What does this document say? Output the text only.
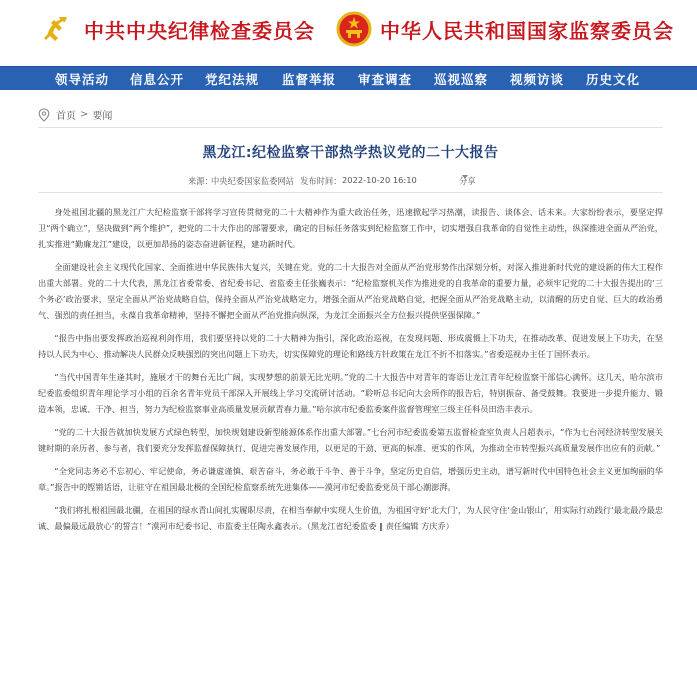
中共中央纪律检查委员会	中华人民共和国国家监察委员会
领导活动 信息公开 党纪法规 监督举报 审查调查 巡视巡察 视频访谈 历史文化
首页 > 要闻
黑龙江:纪检监察干部热学热议党的二十大报告
来源：
中央纪委国家监委网站 发布时间： 2022-10-20 16:10	分享

身处祖国北疆的黑龙江广大纪检监察干部将学习宣传贯彻党的二十大精神作为重大政治任务，迅速掀起学习热潮，读报告、谈体会、话未来。大家纷纷表示，要坚定捍卫“两个确立”，坚决做到“两个维护”，把党的二十大作出的部署要求，确定的目标任务落实到纪检监察工作中，切实增强自我革命的自觉性主动性，纵深推进全面从严治党，扎实推进“勤廉龙江”建设，以更加昂扬的姿态奋进新征程，建功新时代。

全面建设社会主义现代化国家、全面推进中华民族伟大复兴，关键在党。党的二十大报告对全面从严治党形势作出深刻分析，对深入推进新时代党的建设新的伟大工程作出重大部署。党的二十大代表，黑龙江省委常委、省纪委书记、省监委主任张巍表示：“纪检监察机关作为推进党的自我革命的重要力量，必须牢记党的二十大报告提出的‘三个务必’政治要求，坚定全面从严治党战略自信，保持全面从严治党战略定力，增强全面从严治党战略自觉，把握全面从严治党战略主动，以清醒的历史自觉、巨大的政治勇气、强烈的责任担当，永葆自我革命精神，坚持不懈把全面从严治党推向纵深，为龙江全面振兴全方位振兴提供坚强保障。”

“报告中指出要发挥政治巡视利剑作用，我们要坚持以党的二十大精神为指引，深化政治巡视，在发现问题、形成震慑上下功夫，在推动改革、促进发展上下功夫，在坚持以人民为中心、推动解决人民群众反映强烈的突出问题上下功夫，切实保障党的理论和路线方针政策在龙江不折不扣落实。”省委巡视办主任丁国怀表示。

“当代中国青年生逢其时，施展才干的舞台无比广阔，实现梦想的前景无比光明。”党的二十大报告中对青年的寄语让龙江青年纪检监察干部信心满怀。这几天，哈尔滨市纪委监委组织青年理论学习小组的百余名青年党员干部深入开展线上学习交流研讨活动。“聆听总书记向大会所作的报告后，特别振奋、备受鼓舞。我要进一步提升能力、锻造本领，忠诚、干净、担当，努力为纪检监察事业高质量发展贡献青春力量。”哈尔滨市纪委监委案件监督管理室三级主任科员田浩丰表示。

“党的二十大报告就加快发展方式绿色转型，加快规划建设新型能源体系作出重大部署。”七台河市纪委监委第五监督检查室负责人吕超表示，“作为七台河经济转型发展关键时期的亲历者、参与者，我们要充分发挥监督保障执行、促进完善发展作用，以更足的干劲、更高的标准、更实的作风，为推动全市转型振兴高质量发展作出应有的贡献。”

“全党同志务必不忘初心、牢记使命，务必谦虚谨慎、艰苦奋斗，务必敢于斗争、善于斗争，坚定历史自信，增强历史主动，谱写新时代中国特色社会主义更加绚丽的华章。”报告中的铿锵话语，让驻守在祖国最北极的全国纪检监察系统先进集体——漠河市纪委监委党员干部心潮澎湃。

“我们将扎根祖国最北疆，在祖国的绿水青山间扎实履职尽责，在相当奉献中实现人生价值，为祖国守好‘北大门’，为人民守住‘金山银山’，用实际行动践行‘最北最冷最忠诚、最偏最远最放心’的誓言！”漠河市纪委书记、市监委主任陶永鑫表示。（黑龙江省纪委监委 ‖ 责任编辑 方庆乔）
